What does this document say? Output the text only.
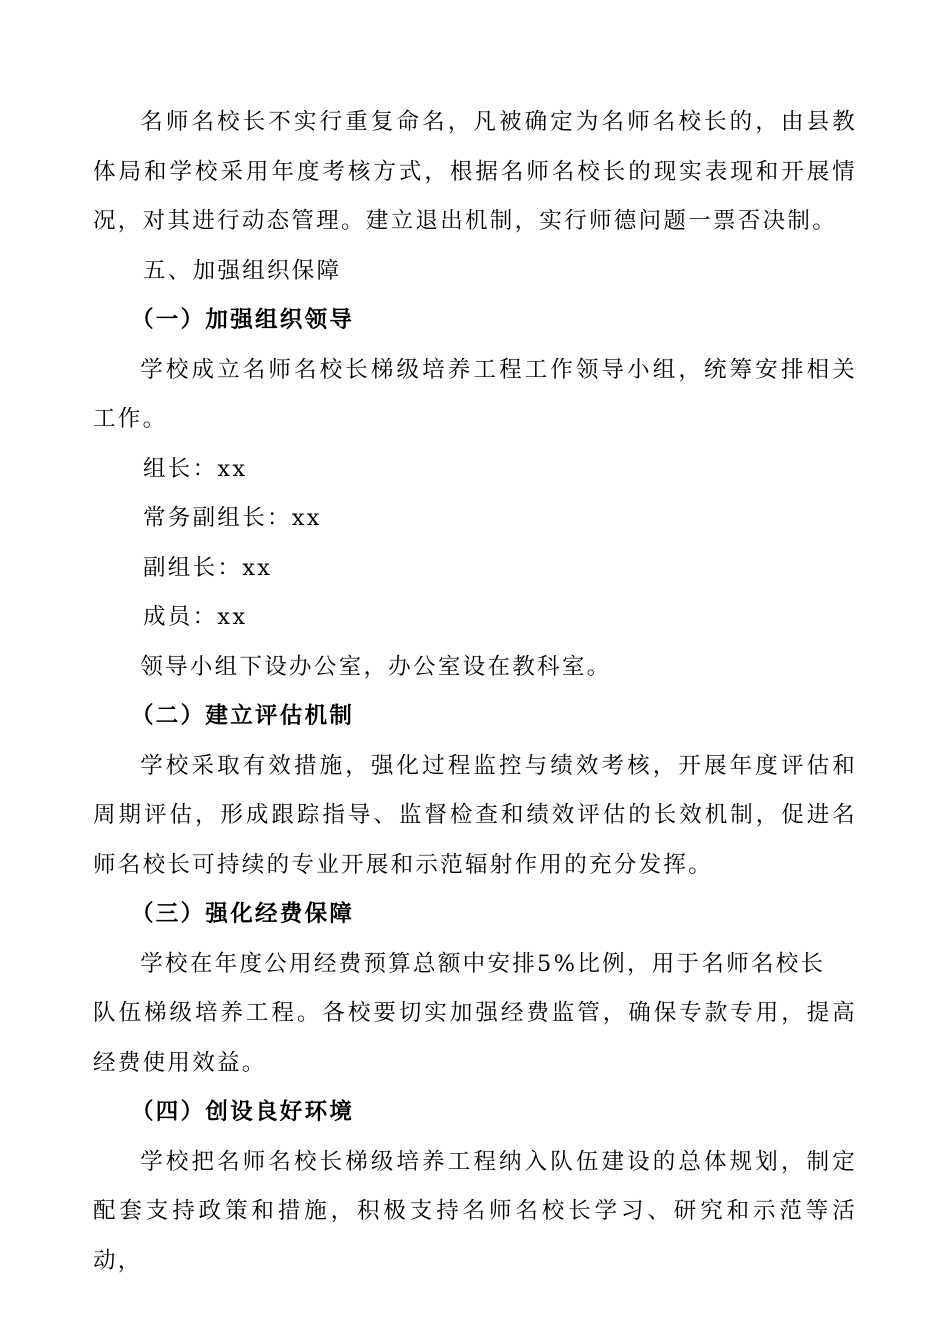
名师名校长不实行重复命名，凡被确定为名师名校长的，由县教体局和学校采用年度考核方式，根据名师名校长的现实表现和开展情况，对其进行动态管理。建立退出机制，实行师德问题一票否决制。

五、加强组织保障

（一）加强组织领导

学校成立名师名校长梯级培养工程工作领导小组，统筹安排相关工作。

组长：xx

常务副组长：xx

副组长：xx

成员：xx

领导小组下设办公室，办公室设在教科室。

（二）建立评估机制

学校采取有效措施，强化过程监控与绩效考核，开展年度评估和周期评估，形成跟踪指导、监督检查和绩效评估的长效机制，促进名师名校长可持续的专业开展和示范辐射作用的充分发挥。

（三）强化经费保障

学校在年度公用经费预算总额中安排5%比例，用于名师名校长

队伍梯级培养工程。各校要切实加强经费监管，确保专款专用，提高经费使用效益。

（四）创设良好环境

学校把名师名校长梯级培养工程纳入队伍建设的总体规划，制定配套支持政策和措施，积极支持名师名校长学习、研究和示范等活动，
